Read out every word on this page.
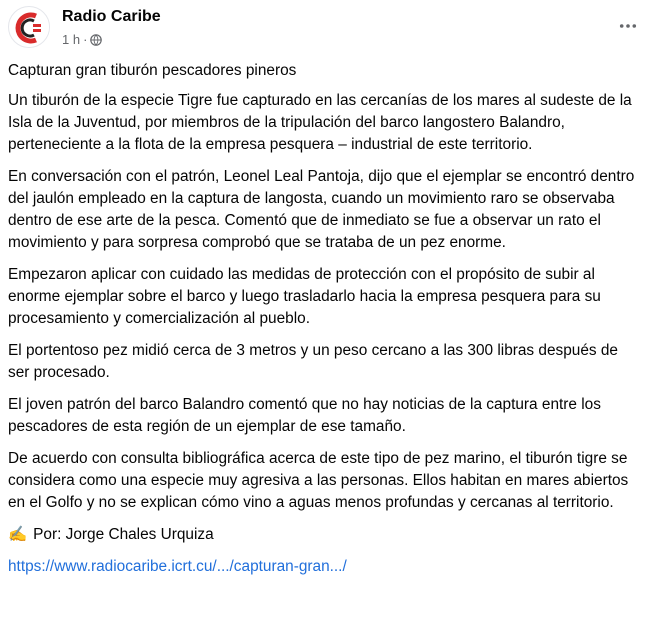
Radio Caribe
1 h ·

Capturan gran tiburón pescadores pineros

Un tiburón de la especie Tigre fue capturado en las cercanías de los mares al sudeste de la Isla de la Juventud, por miembros de la tripulación del barco langostero Balandro, perteneciente a la flota de la empresa pesquera – industrial de este territorio.

En conversación con el patrón, Leonel Leal Pantoja, dijo que el ejemplar se encontró dentro del jaulón empleado en la captura de langosta, cuando un movimiento raro se observaba dentro de ese arte de la pesca. Comentó que de inmediato se fue a observar un rato el movimiento y para sorpresa comprobó que se trataba de un pez enorme.

Empezaron aplicar con cuidado las medidas de protección con el propósito de subir al enorme ejemplar sobre el barco y luego trasladarlo hacia la empresa pesquera para su procesamiento y comercialización al pueblo.

El portentoso pez midió cerca de 3 metros y un peso cercano a las 300 libras después de ser procesado.

El joven patrón del barco Balandro comentó que no hay noticias de la captura entre los pescadores de esta región de un ejemplar de ese tamaño.

De acuerdo con consulta bibliográfica acerca de este tipo de pez marino, el tiburón tigre se considera como una especie muy agresiva a las personas. Ellos habitan en mares abiertos en el Golfo y no se explican cómo vino a aguas menos profundas y cercanas al territorio.

✍️ Por: Jorge Chales Urquiza

https://www.radiocaribe.icrt.cu/.../capturan-gran.../
